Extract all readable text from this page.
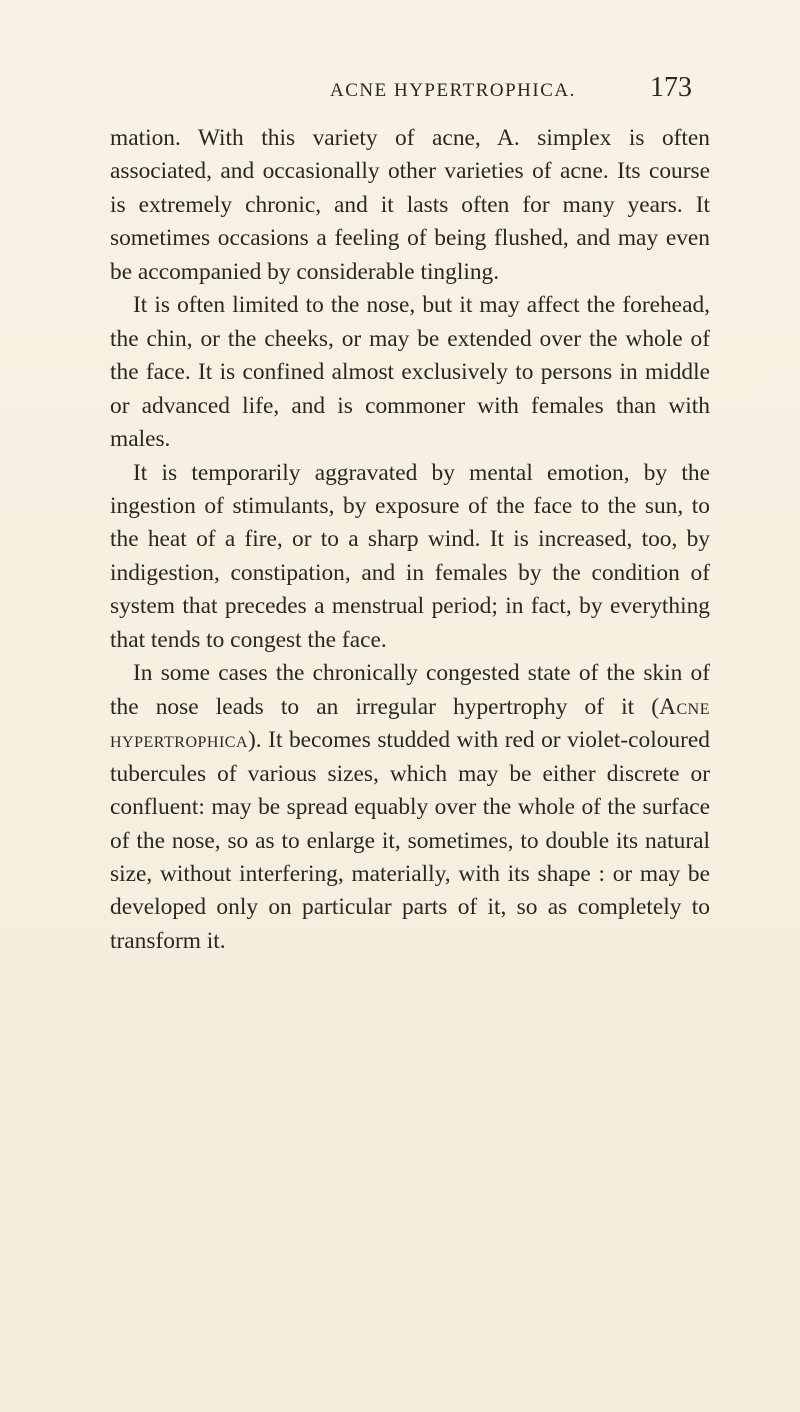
ACNE HYPERTROPHICA.	173

mation. With this variety of acne, A. simplex is often associated, and occasionally other varieties of acne. Its course is extremely chronic, and it lasts often for many years. It sometimes occasions a feeling of being flushed, and may even be accompanied by considerable tingling.

It is often limited to the nose, but it may affect the forehead, the chin, or the cheeks, or may be extended over the whole of the face. It is confined almost exclusively to persons in middle or advanced life, and is commoner with females than with males.

It is temporarily aggravated by mental emotion, by the ingestion of stimulants, by exposure of the face to the sun, to the heat of a fire, or to a sharp wind. It is increased, too, by indigestion, constipation, and in females by the condition of system that precedes a menstrual period; in fact, by everything that tends to congest the face.

In some cases the chronically congested state of the skin of the nose leads to an irregular hypertrophy of it (Acne hypertrophica). It becomes studded with red or violet-coloured tubercules of various sizes, which may be either discrete or confluent: may be spread equably over the whole of the surface of the nose, so as to enlarge it, sometimes, to double its natural size, without interfering, materially, with its shape : or may be developed only on particular parts of it, so as completely to transform it.
